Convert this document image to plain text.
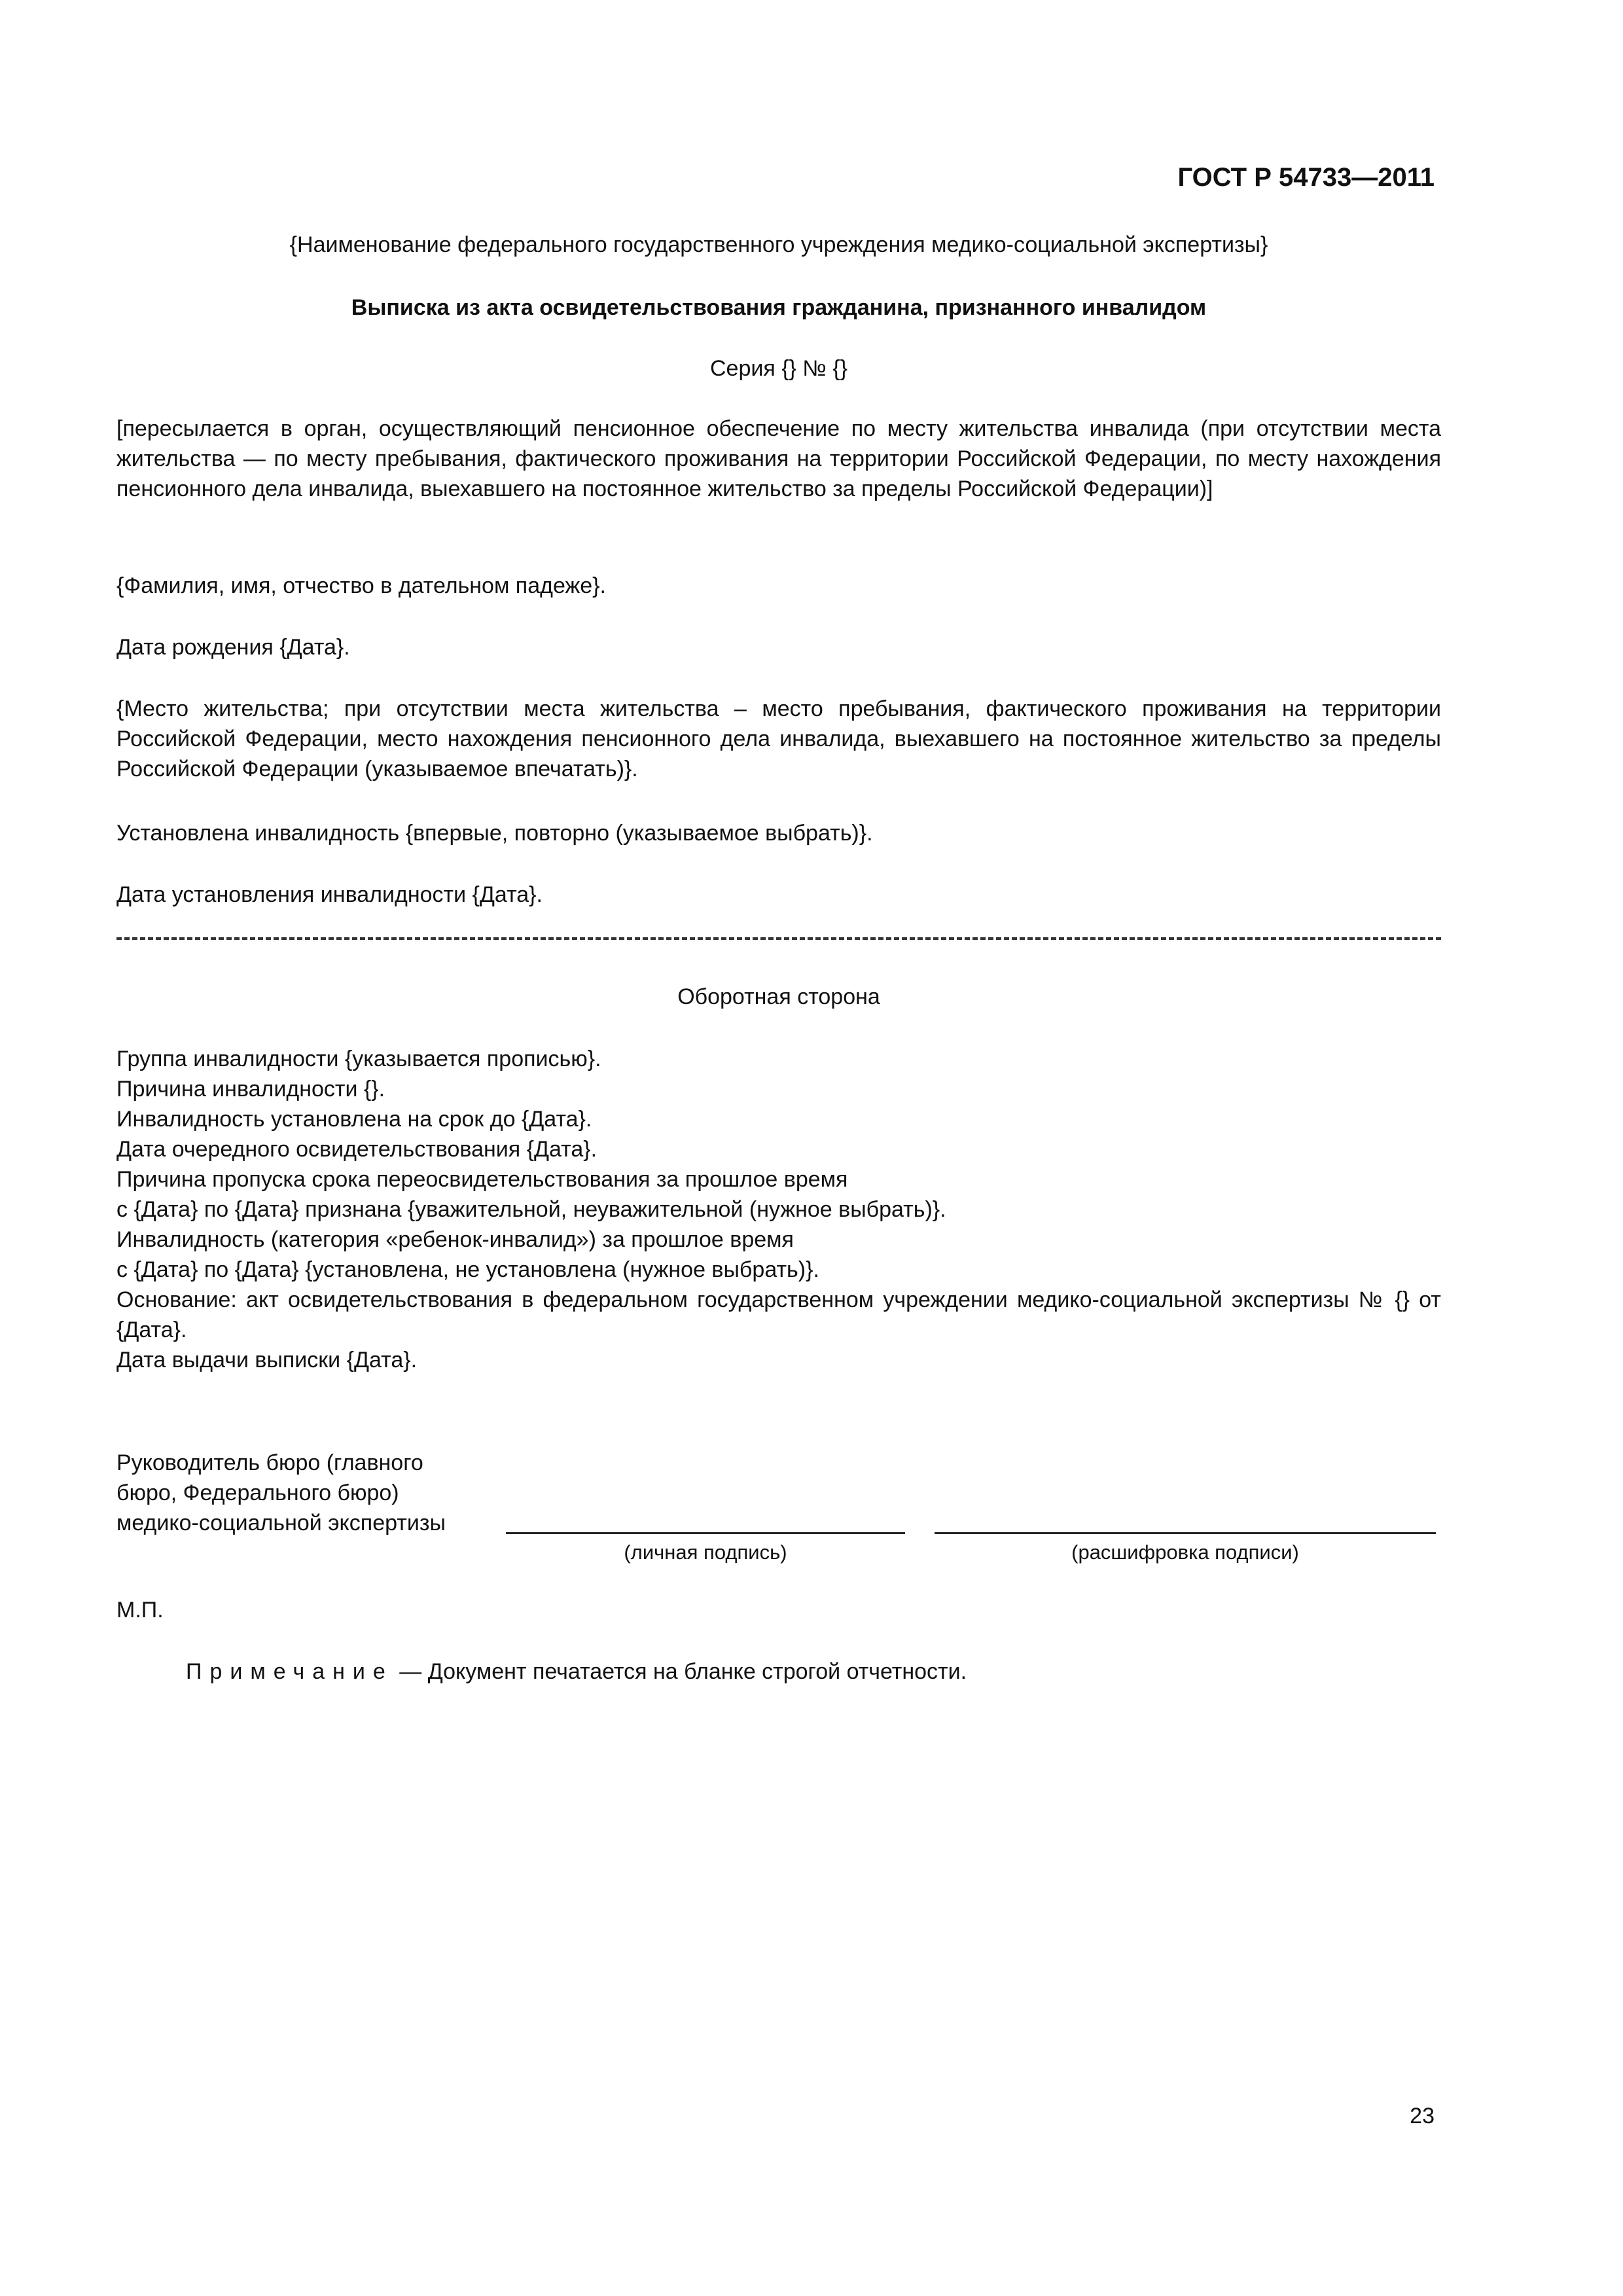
ГОСТ Р 54733—2011
{Наименование федерального государственного учреждения медико-социальной экспертизы}
Выписка из акта освидетельствования гражданина, признанного инвалидом
Серия {} № {}
[пересылается в орган, осуществляющий пенсионное обеспечение по месту жительства инвалида (при отсутствии места жительства — по месту пребывания, фактического проживания на территории Российской Федерации, по месту нахождения пенсионного дела инвалида, выехавшего на постоянное жительство за пределы Российской Федерации)]
{Фамилия, имя, отчество в дательном падеже}.
Дата рождения {Дата}.
{Место жительства; при отсутствии места жительства – место пребывания, фактического проживания на территории Российской Федерации, место нахождения пенсионного дела инвалида, выехавшего на постоянное жительство за пределы Российской Федерации (указываемое впечатать)}.
Установлена инвалидность {впервые, повторно (указываемое выбрать)}.
Дата установления инвалидности {Дата}.
Оборотная сторона
Группа инвалидности {указывается прописью}.
Причина инвалидности {}.
Инвалидность установлена на срок до {Дата}.
Дата очередного освидетельствования {Дата}.
Причина пропуска срока переосвидетельствования за прошлое время
с {Дата} по {Дата} признана {уважительной, неуважительной (нужное выбрать)}.
Инвалидность (категория «ребенок-инвалид») за прошлое время
с {Дата} по {Дата} {установлена, не установлена (нужное выбрать)}.
Основание: акт освидетельствования в федеральном государственном учреждении медико-социальной экспертизы № {} от {Дата}.
Дата выдачи выписки {Дата}.
Руководитель бюро (главного
бюро, Федерального бюро)
медико-социальной экспертизы
(личная подпись)	(расшифровка подписи)
М.П.
Примечание — Документ печатается на бланке строгой отчетности.
23
